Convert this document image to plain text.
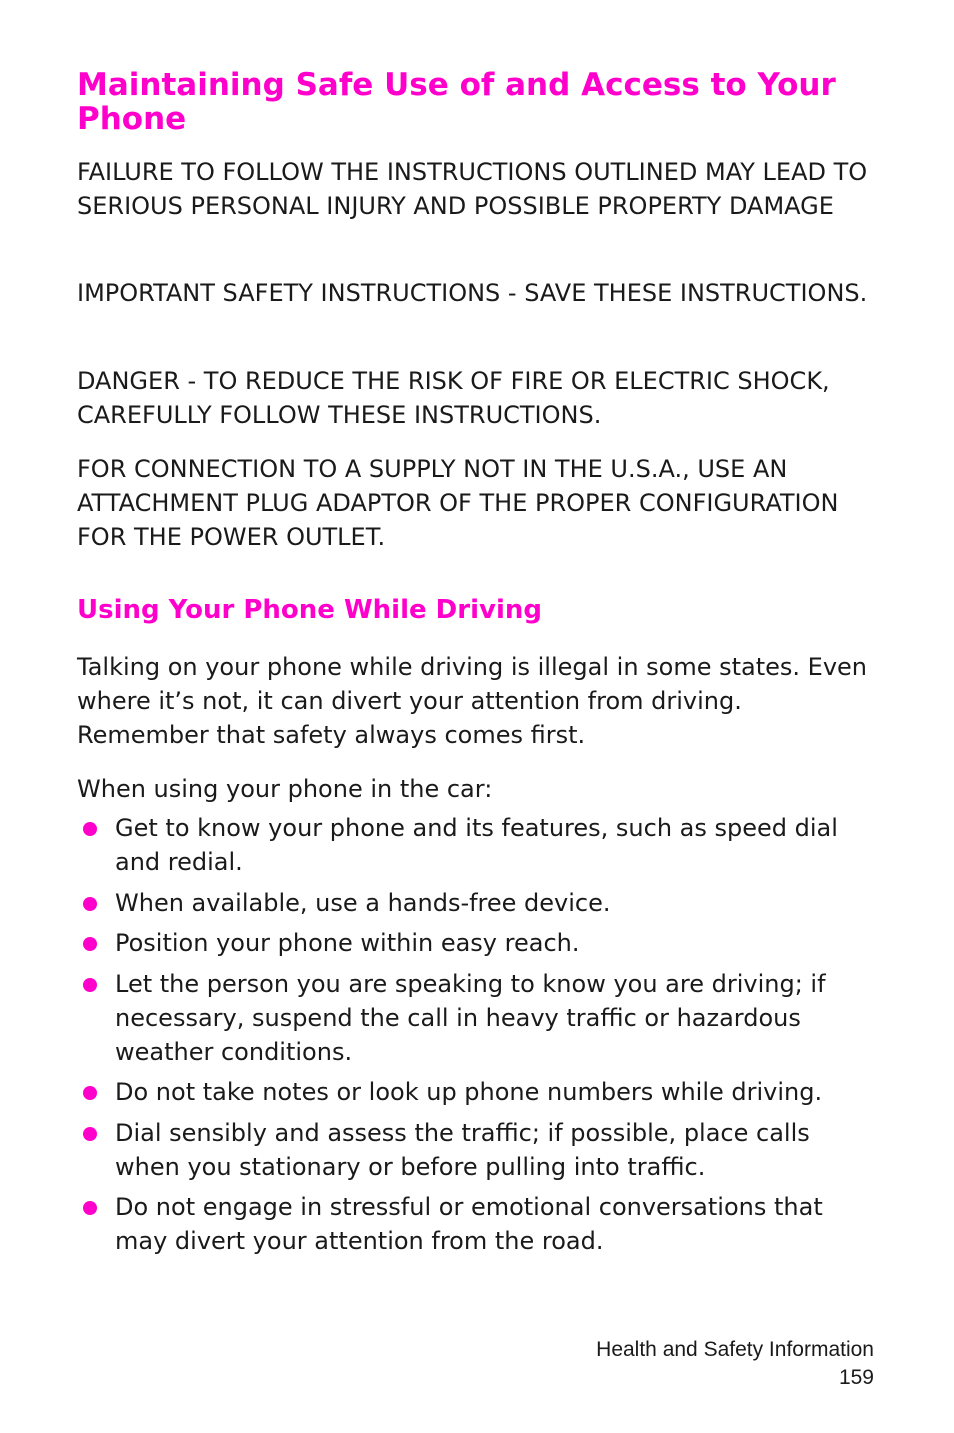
Maintaining Safe Use of and Access to Your Phone

FAILURE TO FOLLOW THE INSTRUCTIONS OUTLINED MAY LEAD TO SERIOUS PERSONAL INJURY AND POSSIBLE PROPERTY DAMAGE

IMPORTANT SAFETY INSTRUCTIONS - SAVE THESE INSTRUCTIONS.

DANGER - TO REDUCE THE RISK OF FIRE OR ELECTRIC SHOCK, CAREFULLY FOLLOW THESE INSTRUCTIONS.

FOR CONNECTION TO A SUPPLY NOT IN THE U.S.A., USE AN ATTACHMENT PLUG ADAPTOR OF THE PROPER CONFIGURATION FOR THE POWER OUTLET.

Using Your Phone While Driving

Talking on your phone while driving is illegal in some states. Even where it’s not, it can divert your attention from driving. Remember that safety always comes first.

When using your phone in the car:

Get to know your phone and its features, such as speed dial and redial.
When available, use a hands-free device.
Position your phone within easy reach.
Let the person you are speaking to know you are driving; if necessary, suspend the call in heavy traffic or hazardous weather conditions.
Do not take notes or look up phone numbers while driving.
Dial sensibly and assess the traffic; if possible, place calls when you stationary or before pulling into traffic.
Do not engage in stressful or emotional conversations that may divert your attention from the road.
Health and Safety Information
159
